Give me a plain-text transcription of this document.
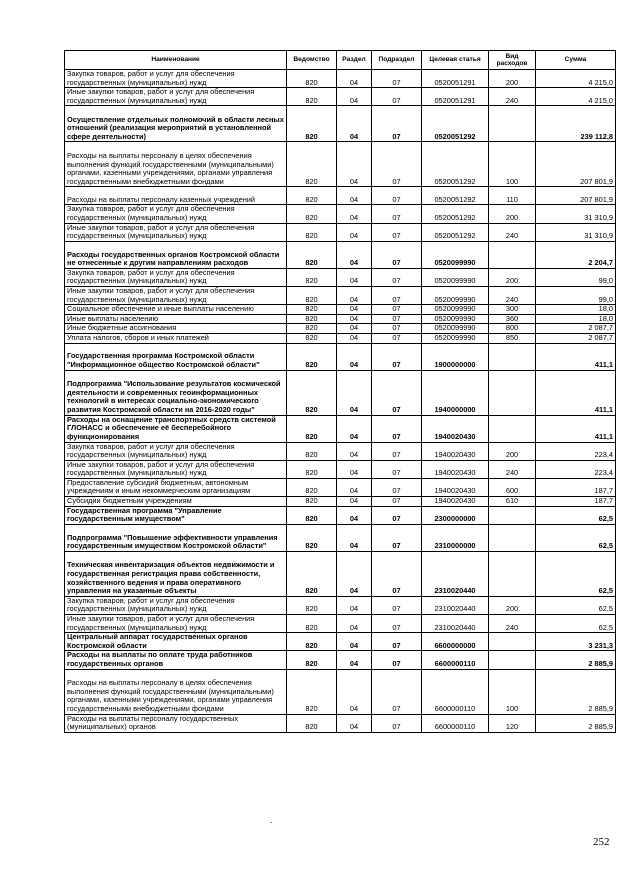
Наименование	Ведомство	Раздел	Подраздел	Целевая статья	Вид расходов	Сумма
Закупка товаров, работ и услуг для обеспечения государственных (муниципальных) нужд	820	04	07	0520051291	200	4 215,0
Иные закупки товаров, работ и услуг для обеспечения государственных (муниципальных) нужд	820	04	07	0520051291	240	4 215,0
Осуществление отдельных полномочий в области лесных отношений (реализация мероприятий в установленной сфере деятельности)	820	04	07	0520051292		239 112,8
Расходы на выплаты персоналу в целях обеспечения выполнения функций государственными (муниципальными) органами, казенными учреждениями, органами управления государственными внебюджетными фондами	820	04	07	0520051292	100	207 801,9
Расходы на выплаты персоналу казенных учреждений	820	04	07	0520051292	110	207 801,9
Закупка товаров, работ и услуг для обеспечения государственных (муниципальных) нужд	820	04	07	0520051292	200	31 310,9
Иные закупки товаров, работ и услуг для обеспечения государственных (муниципальных) нужд	820	04	07	0520051292	240	31 310,9
Расходы государственных органов Костромской области не отнесенные к другим направлениям расходов	820	04	07	0520099990		2 204,7
Закупка товаров, работ и услуг для обеспечения государственных (муниципальных) нужд	820	04	07	0520099990	200	99,0
Иные закупки товаров, работ и услуг для обеспечения государственных (муниципальных) нужд	820	04	07	0520099990	240	99,0
Социальное обеспечение и иные выплаты населению	820	04	07	0520099990	300	18,0
Иные выплаты населению	820	04	07	0520099990	360	18,0
Иные бюджетные ассигнования	820	04	07	0520099990	800	2 087,7
Уплата налогов, сборов и иных платежей	820	04	07	0520099990	850	2 087,7
Государственная программа Костромской области "Информационное общество Костромской области"	820	04	07	1900000000		411,1
Подпрограмма "Использование результатов космической деятельности и современных геоинформационных технологий в интересах социально-экономического развития Костромской области на 2016-2020 годы"	820	04	07	1940000000		411,1
Расходы на оснащение транспортных средств системой ГЛОНАСС и обеспечение её бесперебойного функционирования	820	04	07	1940020430		411,1
Закупка товаров, работ и услуг для обеспечения государственных (муниципальных) нужд	820	04	07	1940020430	200	223,4
Иные закупки товаров, работ и услуг для обеспечения государственных (муниципальных) нужд	820	04	07	1940020430	240	223,4
Предоставление субсидий бюджетным, автономным учреждениям и иным некоммерческим организациям	820	04	07	1940020430	600	187,7
Субсидии бюджетным учреждениям	820	04	07	1940020430	610	187,7
Государственная программа "Управление государственным имуществом"	820	04	07	2300000000		62,5
Подпрограмма "Повышение эффективности управления государственным имуществом Костромской области"	820	04	07	2310000000		62,5
Техническая инвентаризация объектов недвижимости и государственная регистрация права собственности, хозяйственного ведения и права оперативного управления на указанные объекты	820	04	07	2310020440		62,5
Закупка товаров, работ и услуг для обеспечения государственных (муниципальных) нужд	820	04	07	2310020440	200	62,5
Иные закупки товаров, работ и услуг для обеспечения государственных (муниципальных) нужд	820	04	07	2310020440	240	62,5
Центральный аппарат государственных органов Костромской области	820	04	07	6600000000		3 231,3
Расходы на выплаты по оплате труда работников государственных органов	820	04	07	6600000110		2 885,9
Расходы на выплаты персоналу в целях обеспечения выполнения функций государственными (муниципальными) органами, казенными учреждениями, органами управления государственными внебюджетными фондами	820	04	07	6600000110	100	2 885,9
Расходы на выплаты персоналу государственных (муниципальных) органов	820	04	07	6600000110	120	2 885,9
252
